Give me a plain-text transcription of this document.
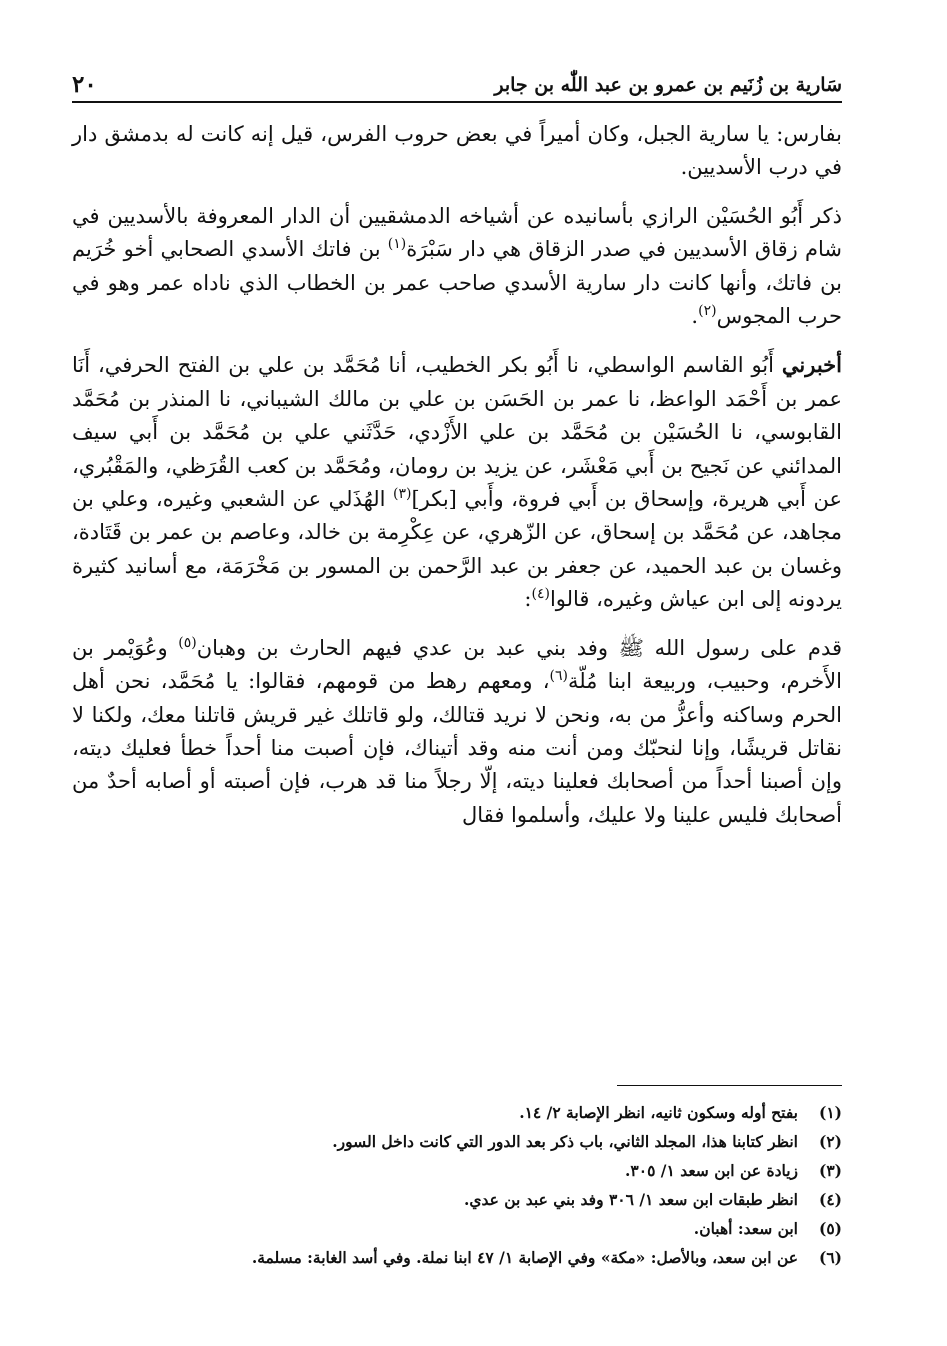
سَارية بن زُنَيم بن عمرو بن عبد اللّٰه بن جابر
٢٠

بفارس: يا سارية الجبل، وكان أميراً في بعض حروب الفرس، قيل إنه كانت له بدمشق دار في درب الأسديين.

ذكر أَبُو الحُسَيْن الرازي بأسانيده عن أشياخه الدمشقيين أن الدار المعروفة بالأسديين في شام زقاق الأسديين في صدر الزقاق هي دار سَبْرَة$^{(١)}$ بن فاتك الأسدي الصحابي أخو خُرَيم بن فاتك، وأنها كانت دار سارية الأسدي صاحب عمر بن الخطاب الذي ناداه عمر وهو في حرب المجوس$^{(٢)}$.

أخبرني أَبُو القاسم الواسطي، نا أَبُو بكر الخطيب، أنا مُحَمَّد بن علي بن الفتح الحرفي، أَنَا عمر بن أَحْمَد الواعظ، نا عمر بن الحَسَن بن علي بن مالك الشيباني، نا المنذر بن مُحَمَّد القابوسي، نا الحُسَيْن بن مُحَمَّد بن علي الأَزْدي، حَدَّثَني علي بن مُحَمَّد بن أَبي سيف المدائني عن نَجيح بن أَبي مَعْشَر، عن يزيد بن رومان، ومُحَمَّد بن كعب القُرَظي، والمَقْبُري، عن أَبي هريرة، وإسحاق بن أَبي فروة، وأَبي [بكر]$^{(٣)}$ الهُذَلي عن الشعبي وغيره، وعلي بن مجاهد، عن مُحَمَّد بن إسحاق، عن الزّهري، عن عِكْرِمة بن خالد، وعاصم بن عمر بن قَتَادة، وغسان بن عبد الحميد، عن جعفر بن عبد الرَّحمن بن المسور بن مَخْرَمَة، مع أسانيد كثيرة يردونه إلى ابن عياش وغيره، قالوا$^{(٤)}$:

قدم على رسول الله ﷺ وفد بني عبد بن عدي فيهم الحارث بن وهبان$^{(٥)}$ وعُوَيْمر بن الأَخرم، وحبيب، وربيعة ابنا مُلّة$^{(٦)}$، ومعهم رهط من قومهم، فقالوا: يا مُحَمَّد، نحن أهل الحرم وساكنه وأعزُّ من به، ونحن لا نريد قتالك، ولو قاتلك غير قريش قاتلنا معك، ولكنا لا نقاتل قريشًا، وإنا لنحبّك ومن أنت منه وقد أتيناك، فإن أصبت منا أحداً خطأ فعليك ديته، وإن أصبنا أحداً من أصحابك فعلينا ديته، إلّا رجلاً منا قد هرب، فإن أصبته أو أصابه أحدٌ من أصحابك فليس علينا ولا عليك، وأسلموا فقال

(١)
بفتح أوله وسكون ثانيه، انظر الإصابة ٢/ ١٤.
(٢)
انظر كتابنا هذا، المجلد الثاني، باب ذكر بعد الدور التي كانت داخل السور.
(٣)
زيادة عن ابن سعد ١/ ٣٠٥.
(٤)
انظر طبقات ابن سعد ١/ ٣٠٦ وفد بني عبد بن عدي.
(٥)
ابن سعد: أهبان.
(٦)
عن ابن سعد، وبالأصل: «مكة» وفي الإصابة ١/ ٤٧ ابنا نملة. وفي أسد الغابة: مسلمة.
